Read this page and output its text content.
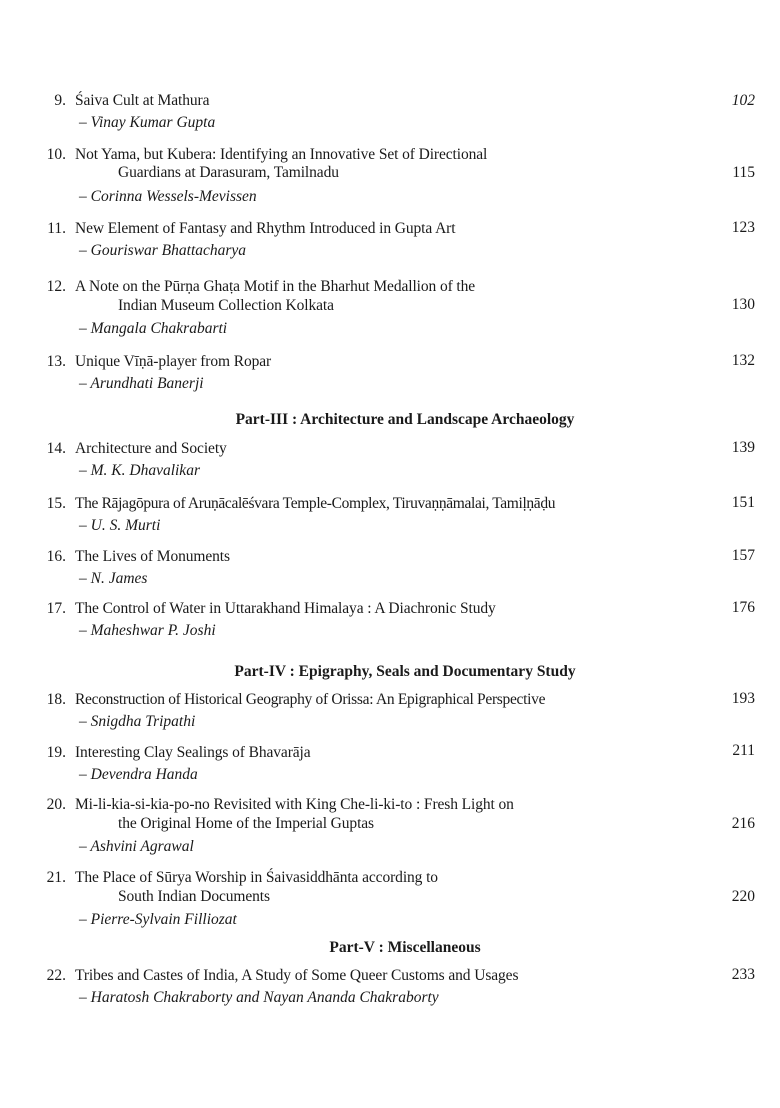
9. Śaiva Cult at Mathura
– Vinay Kumar Gupta
102
10. Not Yama, but Kubera: Identifying an Innovative Set of Directional
Guardians at Darasuram, Tamilnadu
– Corinna Wessels-Mevissen
115
11. New Element of Fantasy and Rhythm Introduced in Gupta Art
– Gouriswar Bhattacharya
123
12. A Note on the Pūrṇa Ghaṭa Motif in the Bharhut Medallion of the
Indian Museum Collection Kolkata
– Mangala Chakrabarti
130
13. Unique Vīṇā-player from Ropar
– Arundhati Banerji
132
Part-III : Architecture and Landscape Archaeology
14. Architecture and Society
– M. K. Dhavalikar
139
15. The Rājagōpura of Aruṇācalēśvara Temple-Complex, Tiruvaṇṇāmalai, Tamiḷṇāḍu
– U. S. Murti
151
16. The Lives of Monuments
– N. James
157
17. The Control of Water in Uttarakhand Himalaya : A Diachronic Study
– Maheshwar P. Joshi
176
Part-IV : Epigraphy, Seals and Documentary Study
18. Reconstruction of Historical Geography of Orissa: An Epigraphical Perspective
– Snigdha Tripathi
193
19. Interesting Clay Sealings of Bhavarāja
– Devendra Handa
211
20. Mi-li-kia-si-kia-po-no Revisited with King Che-li-ki-to : Fresh Light on
the Original Home of the Imperial Guptas
– Ashvini Agrawal
216
21. The Place of Sūrya Worship in Śaivasiddhānta according to
South Indian Documents
– Pierre-Sylvain Filliozat
220
Part-V : Miscellaneous
22. Tribes and Castes of India, A Study of Some Queer Customs and Usages
– Haratosh Chakraborty and Nayan Ananda Chakraborty
233
